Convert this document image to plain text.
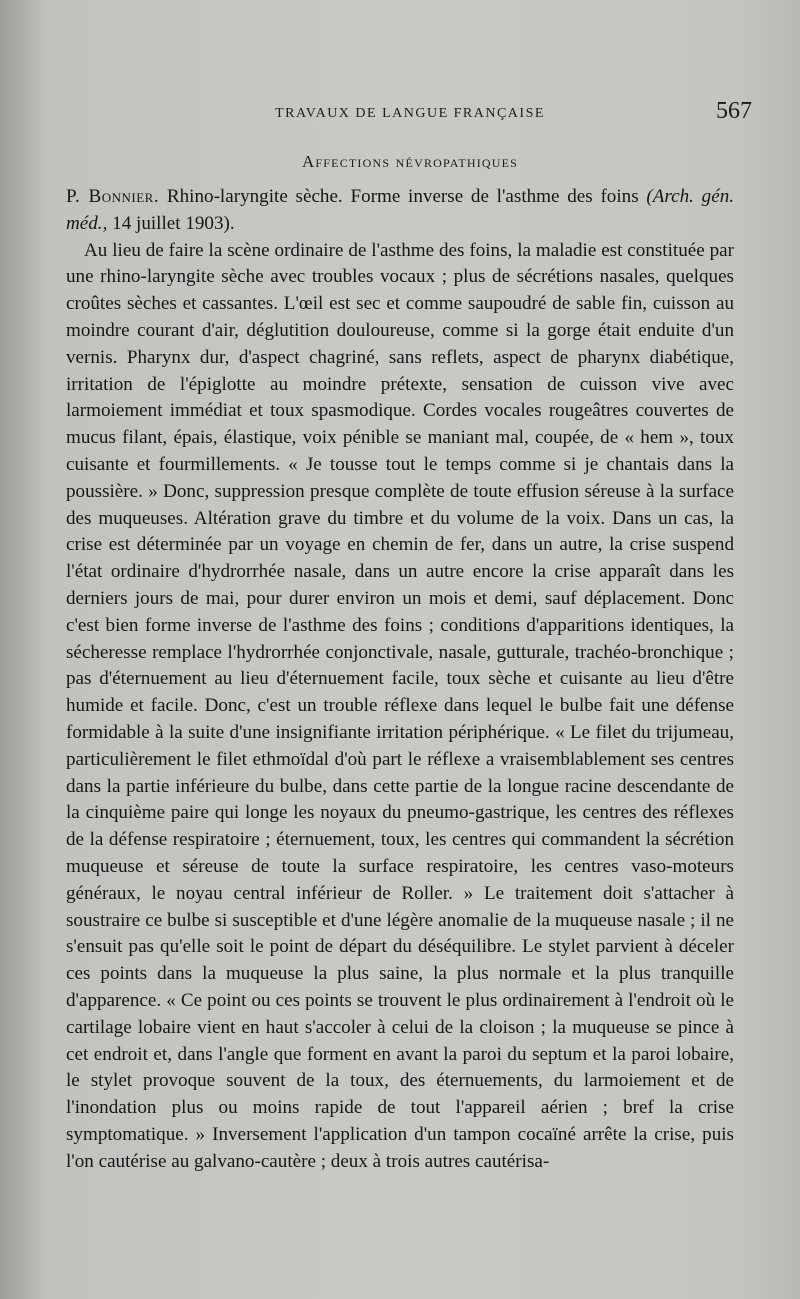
TRAVAUX DE LANGUE FRANÇAISE	567
Affections névropathiques

P. Bonnier. Rhino-laryngite sèche. Forme inverse de l'asthme des foins (Arch. gén. méd., 14 juillet 1903).

Au lieu de faire la scène ordinaire de l'asthme des foins, la maladie est constituée par une rhino-laryngite sèche avec troubles vocaux ; plus de sécrétions nasales, quelques croûtes sèches et cassantes. L'œil est sec et comme saupoudré de sable fin, cuisson au moindre courant d'air, déglutition douloureuse, comme si la gorge était enduite d'un vernis. Pharynx dur, d'aspect chagriné, sans reflets, aspect de pharynx diabétique, irritation de l'épiglotte au moindre prétexte, sensation de cuisson vive avec larmoiement immédiat et toux spasmodique. Cordes vocales rougeâtres couvertes de mucus filant, épais, élastique, voix pénible se maniant mal, coupée, de « hem », toux cuisante et fourmillements. « Je tousse tout le temps comme si je chantais dans la poussière. » Donc, suppression presque complète de toute effusion séreuse à la surface des muqueuses. Altération grave du timbre et du volume de la voix. Dans un cas, la crise est déterminée par un voyage en chemin de fer, dans un autre, la crise suspend l'état ordinaire d'hydrorrhée nasale, dans un autre encore la crise apparaît dans les derniers jours de mai, pour durer environ un mois et demi, sauf déplacement. Donc c'est bien forme inverse de l'asthme des foins ; conditions d'apparitions identiques, la sécheresse remplace l'hydrorrhée conjonctivale, nasale, gutturale, trachéo-bronchique ; pas d'éternuement au lieu d'éternuement facile, toux sèche et cuisante au lieu d'être humide et facile. Donc, c'est un trouble réflexe dans lequel le bulbe fait une défense formidable à la suite d'une insignifiante irritation périphérique. « Le filet du trijumeau, particulièrement le filet ethmoïdal d'où part le réflexe a vraisemblablement ses centres dans la partie inférieure du bulbe, dans cette partie de la longue racine descendante de la cinquième paire qui longe les noyaux du pneumo-gastrique, les centres des réflexes de la défense respiratoire ; éternuement, toux, les centres qui commandent la sécrétion muqueuse et séreuse de toute la surface respiratoire, les centres vaso-moteurs généraux, le noyau central inférieur de Roller. » Le traitement doit s'attacher à soustraire ce bulbe si susceptible et d'une légère anomalie de la muqueuse nasale ; il ne s'ensuit pas qu'elle soit le point de départ du déséquilibre. Le stylet parvient à déceler ces points dans la muqueuse la plus saine, la plus normale et la plus tranquille d'apparence. « Ce point ou ces points se trouvent le plus ordinairement à l'endroit où le cartilage lobaire vient en haut s'accoler à celui de la cloison ; la muqueuse se pince à cet endroit et, dans l'angle que forment en avant la paroi du septum et la paroi lobaire, le stylet provoque souvent de la toux, des éternuements, du larmoiement et de l'inondation plus ou moins rapide de tout l'appareil aérien ; bref la crise symptomatique. » Inversement l'application d'un tampon cocaïné arrête la crise, puis l'on cautérise au galvano-cautère ; deux à trois autres cautérisa-
